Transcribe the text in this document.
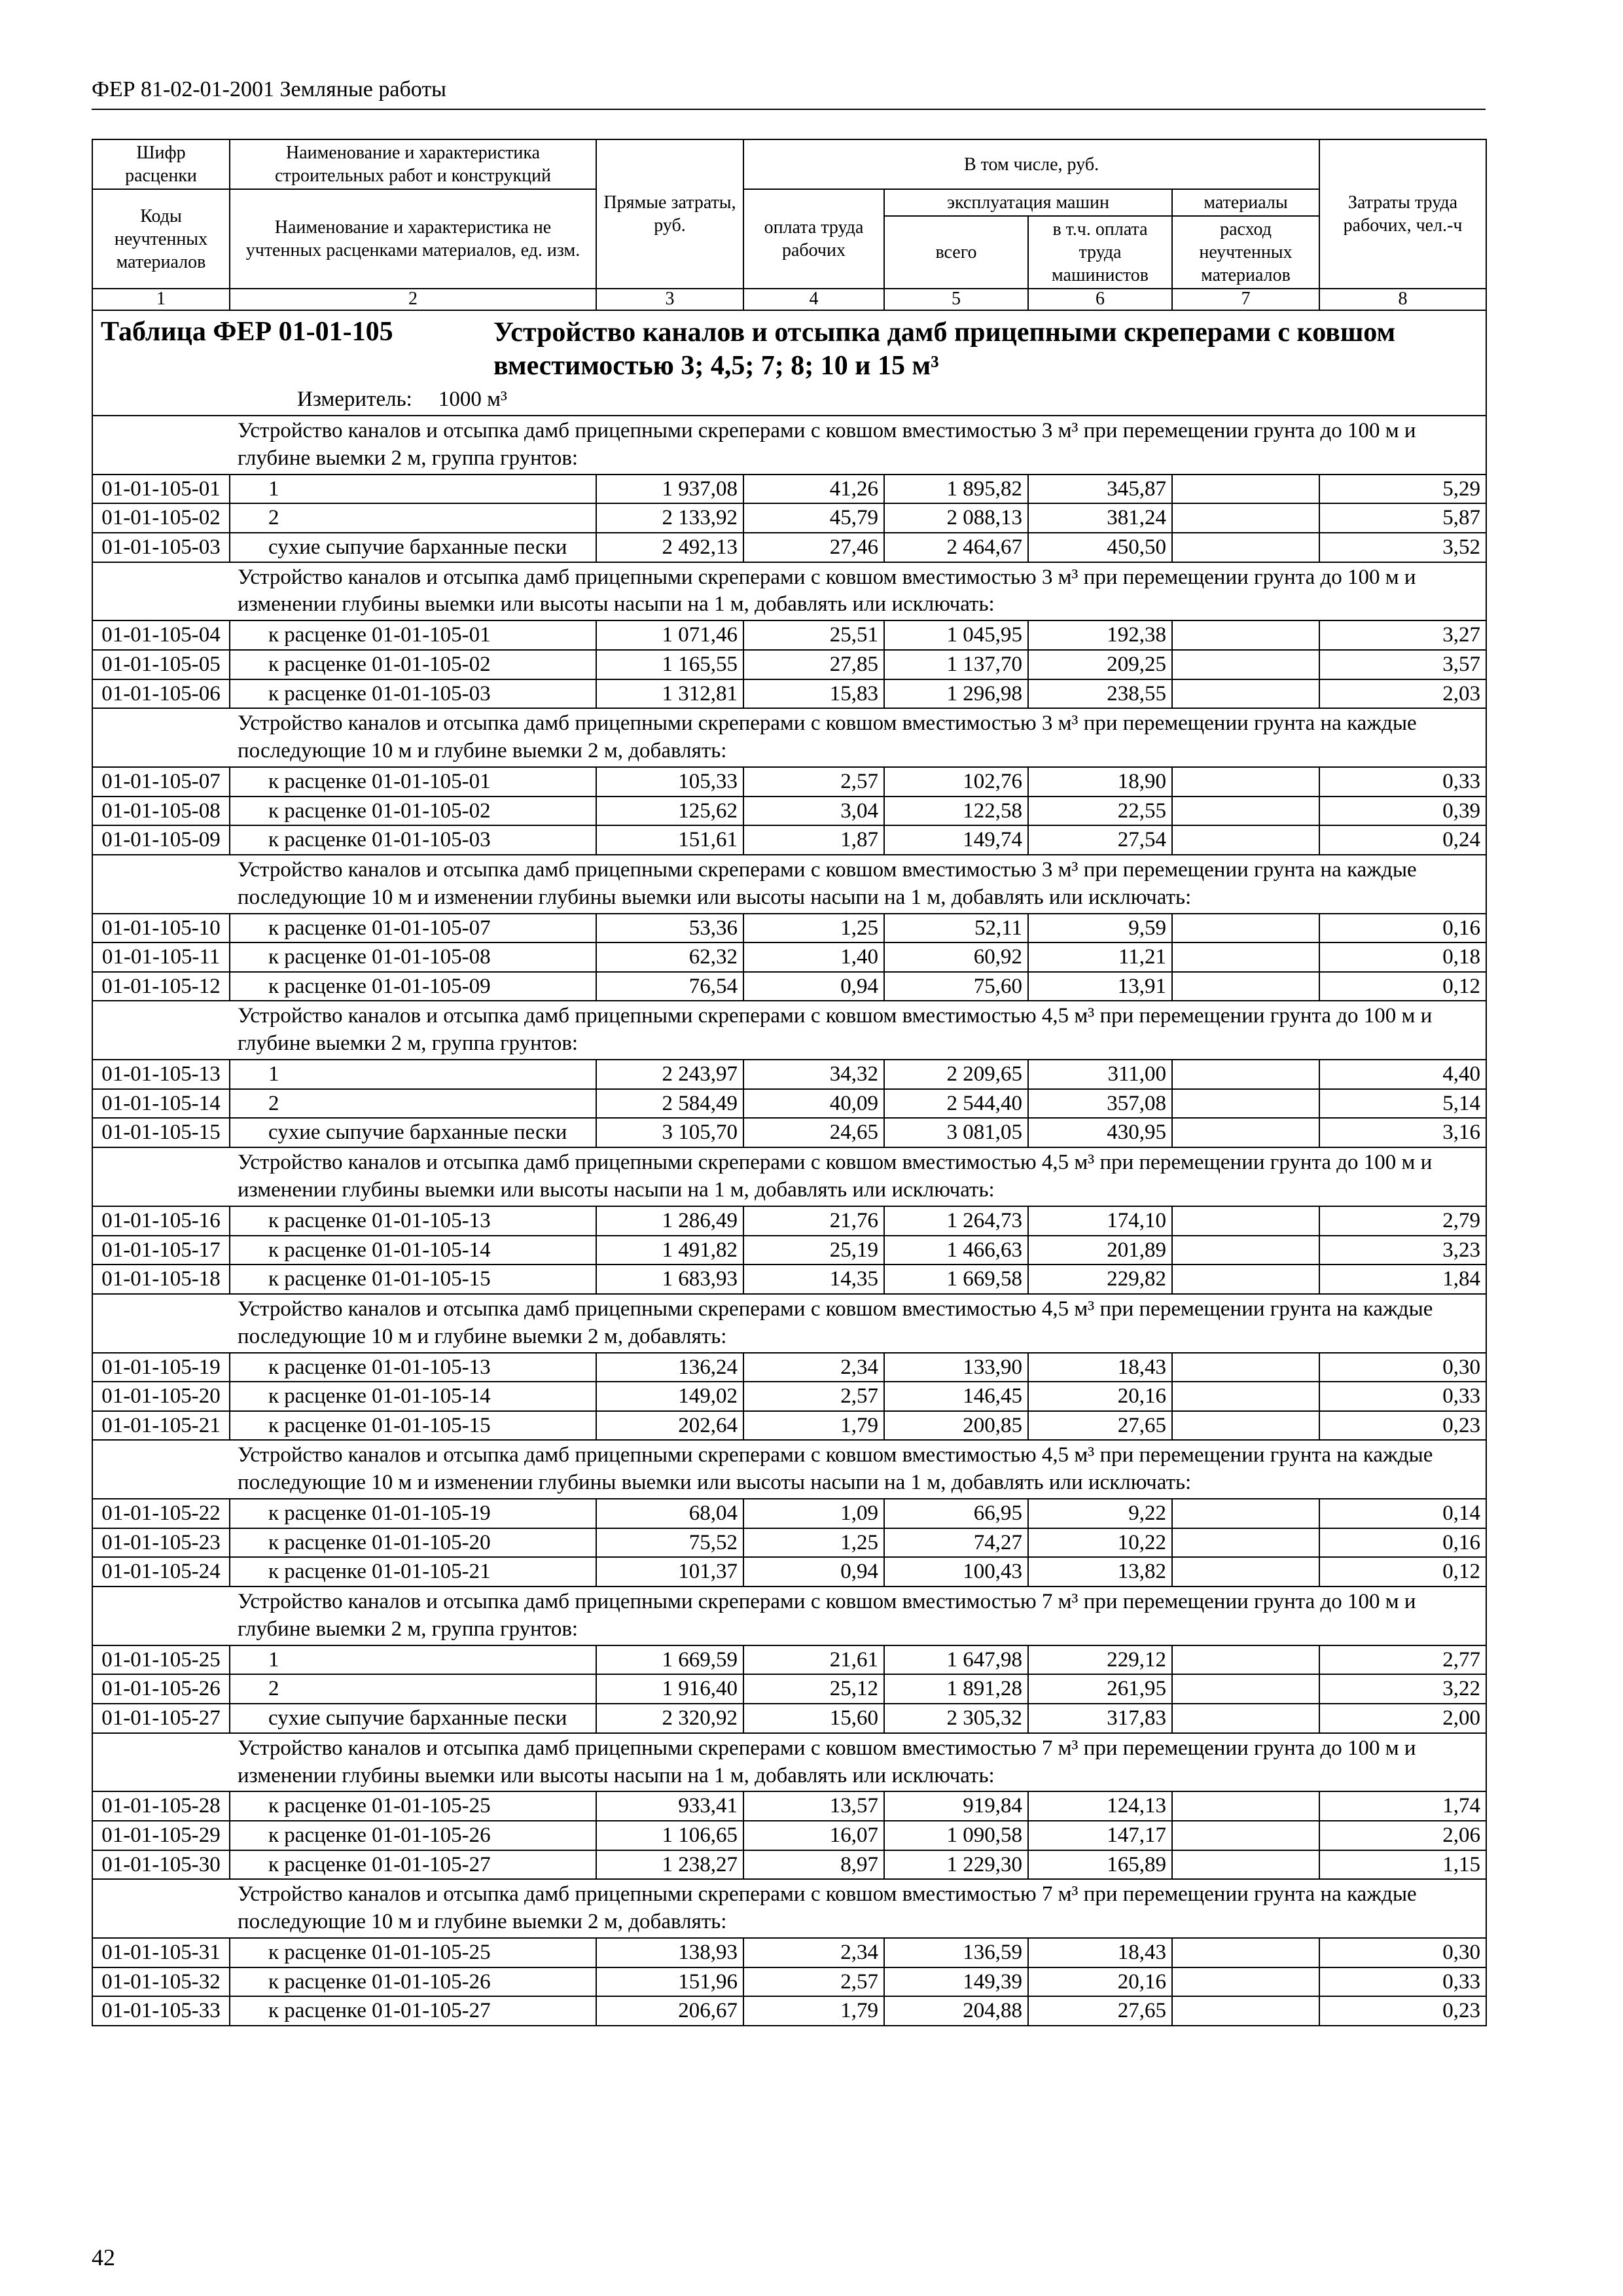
ФЕР 81-02-01-2001 Земляные работы
Шифр расценки	Наименование и характеристика строительных работ и конструкций	Прямые затраты, руб.	В том числе, руб.				Затраты труда рабочих, чел.-ч
Коды неучтенных материалов	Наименование и характеристика не учтенных расценками материалов, ед. изм.		оплата труда рабочих	эксплуатация машин		материалы	
				всего	в т.ч. оплата труда машинистов	расход неучтенных материалов	
1	2	3	4	5	6	7	8
Таблица ФЕР 01-01-105 Устройство каналов и отсыпка дамб прицепными скреперами с ковшом вместимостью 3; 4,5; 7; 8; 10 и 15 м³
Измеритель: 1000 м³							

	Устройство каналов и отсыпка дамб прицепными скреперами с ковшом вместимостью 3 м³ при перемещении грунта до 100 м и глубине выемки 2 м, группа грунтов:						
01-01-105-01	1	1 937,08	41,26	1 895,82	345,87		5,29
01-01-105-02	2	2 133,92	45,79	2 088,13	381,24		5,87
01-01-105-03	сухие сыпучие барханные пески	2 492,13	27,46	2 464,67	450,50		3,52
	Устройство каналов и отсыпка дамб прицепными скреперами с ковшом вместимостью 3 м³ при перемещении грунта до 100 м и изменении глубины выемки или высоты насыпи на 1 м, добавлять или исключать:						
01-01-105-04	к расценке 01-01-105-01	1 071,46	25,51	1 045,95	192,38		3,27
01-01-105-05	к расценке 01-01-105-02	1 165,55	27,85	1 137,70	209,25		3,57
01-01-105-06	к расценке 01-01-105-03	1 312,81	15,83	1 296,98	238,55		2,03
	Устройство каналов и отсыпка дамб прицепными скреперами с ковшом вместимостью 3 м³ при перемещении грунта на каждые последующие 10 м и глубине выемки 2 м, добавлять:						
01-01-105-07	к расценке 01-01-105-01	105,33	2,57	102,76	18,90		0,33
01-01-105-08	к расценке 01-01-105-02	125,62	3,04	122,58	22,55		0,39
01-01-105-09	к расценке 01-01-105-03	151,61	1,87	149,74	27,54		0,24
	Устройство каналов и отсыпка дамб прицепными скреперами с ковшом вместимостью 3 м³ при перемещении грунта на каждые последующие 10 м и изменении глубины выемки или высоты насыпи на 1 м, добавлять или исключать:						
01-01-105-10	к расценке 01-01-105-07	53,36	1,25	52,11	9,59		0,16
01-01-105-11	к расценке 01-01-105-08	62,32	1,40	60,92	11,21		0,18
01-01-105-12	к расценке 01-01-105-09	76,54	0,94	75,60	13,91		0,12
	Устройство каналов и отсыпка дамб прицепными скреперами с ковшом вместимостью 4,5 м³ при перемещении грунта до 100 м и глубине выемки 2 м, группа грунтов:						
01-01-105-13	1	2 243,97	34,32	2 209,65	311,00		4,40
01-01-105-14	2	2 584,49	40,09	2 544,40	357,08		5,14
01-01-105-15	сухие сыпучие барханные пески	3 105,70	24,65	3 081,05	430,95		3,16
	Устройство каналов и отсыпка дамб прицепными скреперами с ковшом вместимостью 4,5 м³ при перемещении грунта до 100 м и изменении глубины выемки или высоты насыпи на 1 м, добавлять или исключать:						
01-01-105-16	к расценке 01-01-105-13	1 286,49	21,76	1 264,73	174,10		2,79
01-01-105-17	к расценке 01-01-105-14	1 491,82	25,19	1 466,63	201,89		3,23
01-01-105-18	к расценке 01-01-105-15	1 683,93	14,35	1 669,58	229,82		1,84
	Устройство каналов и отсыпка дамб прицепными скреперами с ковшом вместимостью 4,5 м³ при перемещении грунта на каждые последующие 10 м и глубине выемки 2 м, добавлять:						
01-01-105-19	к расценке 01-01-105-13	136,24	2,34	133,90	18,43		0,30
01-01-105-20	к расценке 01-01-105-14	149,02	2,57	146,45	20,16		0,33
01-01-105-21	к расценке 01-01-105-15	202,64	1,79	200,85	27,65		0,23
	Устройство каналов и отсыпка дамб прицепными скреперами с ковшом вместимостью 4,5 м³ при перемещении грунта на каждые последующие 10 м и изменении глубины выемки или высоты насыпи на 1 м, добавлять или исключать:						
01-01-105-22	к расценке 01-01-105-19	68,04	1,09	66,95	9,22		0,14
01-01-105-23	к расценке 01-01-105-20	75,52	1,25	74,27	10,22		0,16
01-01-105-24	к расценке 01-01-105-21	101,37	0,94	100,43	13,82		0,12
	Устройство каналов и отсыпка дамб прицепными скреперами с ковшом вместимостью 7 м³ при перемещении грунта до 100 м и глубине выемки 2 м, группа грунтов:						
01-01-105-25	1	1 669,59	21,61	1 647,98	229,12		2,77
01-01-105-26	2	1 916,40	25,12	1 891,28	261,95		3,22
01-01-105-27	сухие сыпучие барханные пески	2 320,92	15,60	2 305,32	317,83		2,00
	Устройство каналов и отсыпка дамб прицепными скреперами с ковшом вместимостью 7 м³ при перемещении грунта до 100 м и изменении глубины выемки или высоты насыпи на 1 м, добавлять или исключать:						
01-01-105-28	к расценке 01-01-105-25	933,41	13,57	919,84	124,13		1,74
01-01-105-29	к расценке 01-01-105-26	1 106,65	16,07	1 090,58	147,17		2,06
01-01-105-30	к расценке 01-01-105-27	1 238,27	8,97	1 229,30	165,89		1,15
	Устройство каналов и отсыпка дамб прицепными скреперами с ковшом вместимостью 7 м³ при перемещении грунта на каждые последующие 10 м и глубине выемки 2 м, добавлять:						
01-01-105-31	к расценке 01-01-105-25	138,93	2,34	136,59	18,43		0,30
01-01-105-32	к расценке 01-01-105-26	151,96	2,57	149,39	20,16		0,33
01-01-105-33	к расценке 01-01-105-27	206,67	1,79	204,88	27,65		0,23
42
